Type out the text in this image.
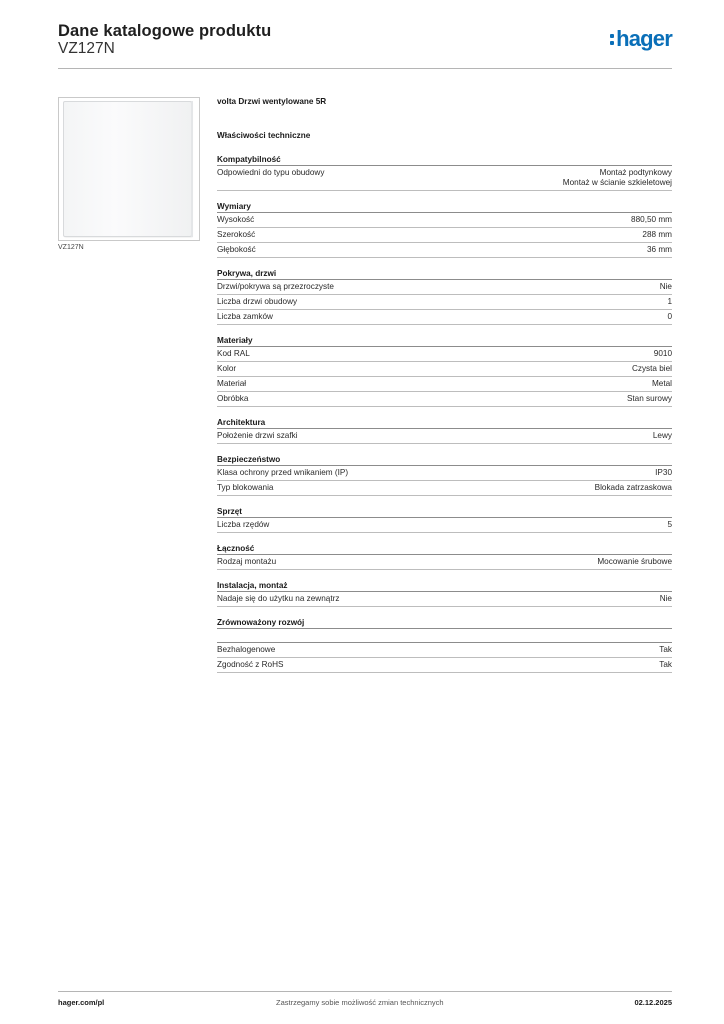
Dane katalogowe produktu
VZ127N	hager
VZ127N
volta Drzwi wentylowane 5R
Właściwości techniczne
Kompatybilność
Odpowiedni do typu obudowy	Montaż podtynkowy
Montaż w ścianie szkieletowej
Wymiary
Wysokość	880,50 mm
Szerokość	288 mm
Głębokość	36 mm
Pokrywa, drzwi
Drzwi/pokrywa są przezroczyste	Nie
Liczba drzwi obudowy	1
Liczba zamków	0
Materiały
Kod RAL	9010
Kolor	Czysta biel
Materiał	Metal
Obróbka	Stan surowy
Architektura
Położenie drzwi szafki	Lewy
Bezpieczeństwo
Klasa ochrony przed wnikaniem (IP)	IP30
Typ blokowania	Blokada zatrzaskowa
Sprzęt
Liczba rzędów	5
Łączność
Rodzaj montażu	Mocowanie śrubowe
Instalacja, montaż
Nadaje się do użytku na zewnątrz	Nie
Zrównoważony rozwój
Bezhalogenowe	Tak
Zgodność z RoHS	Tak
hager.com/pl	Zastrzegamy sobie możliwość zmian technicznych	02.12.2025
